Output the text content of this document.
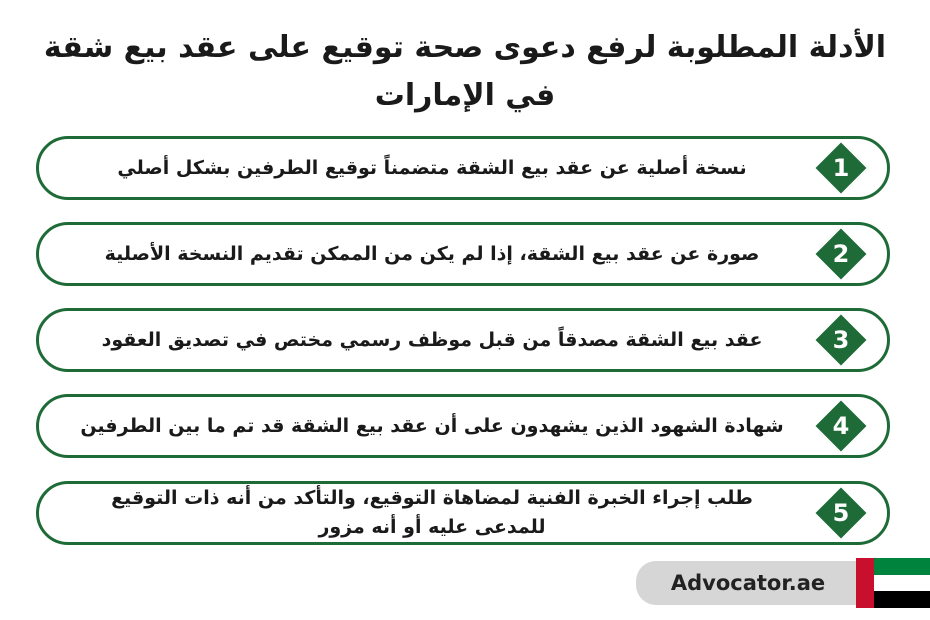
الأدلة المطلوبة لرفع دعوى صحة توقيع على عقد بيع شقة في الإمارات
نسخة أصلية عن عقد بيع الشقة متضمناً توقيع الطرفين بشكل أصلي	1
صورة عن عقد بيع الشقة، إذا لم يكن من الممكن تقديم النسخة الأصلية	2
عقد بيع الشقة مصدقاً من قبل موظف رسمي مختص في تصديق العقود	3
شهادة الشهود الذين يشهدون على أن عقد بيع الشقة قد تم ما بين الطرفين	4
طلب إجراء الخبرة الفنية لمضاهاة التوقيع، والتأكد من أنه ذات التوقيع للمدعى عليه أو أنه مزور	5
Advocator.ae
